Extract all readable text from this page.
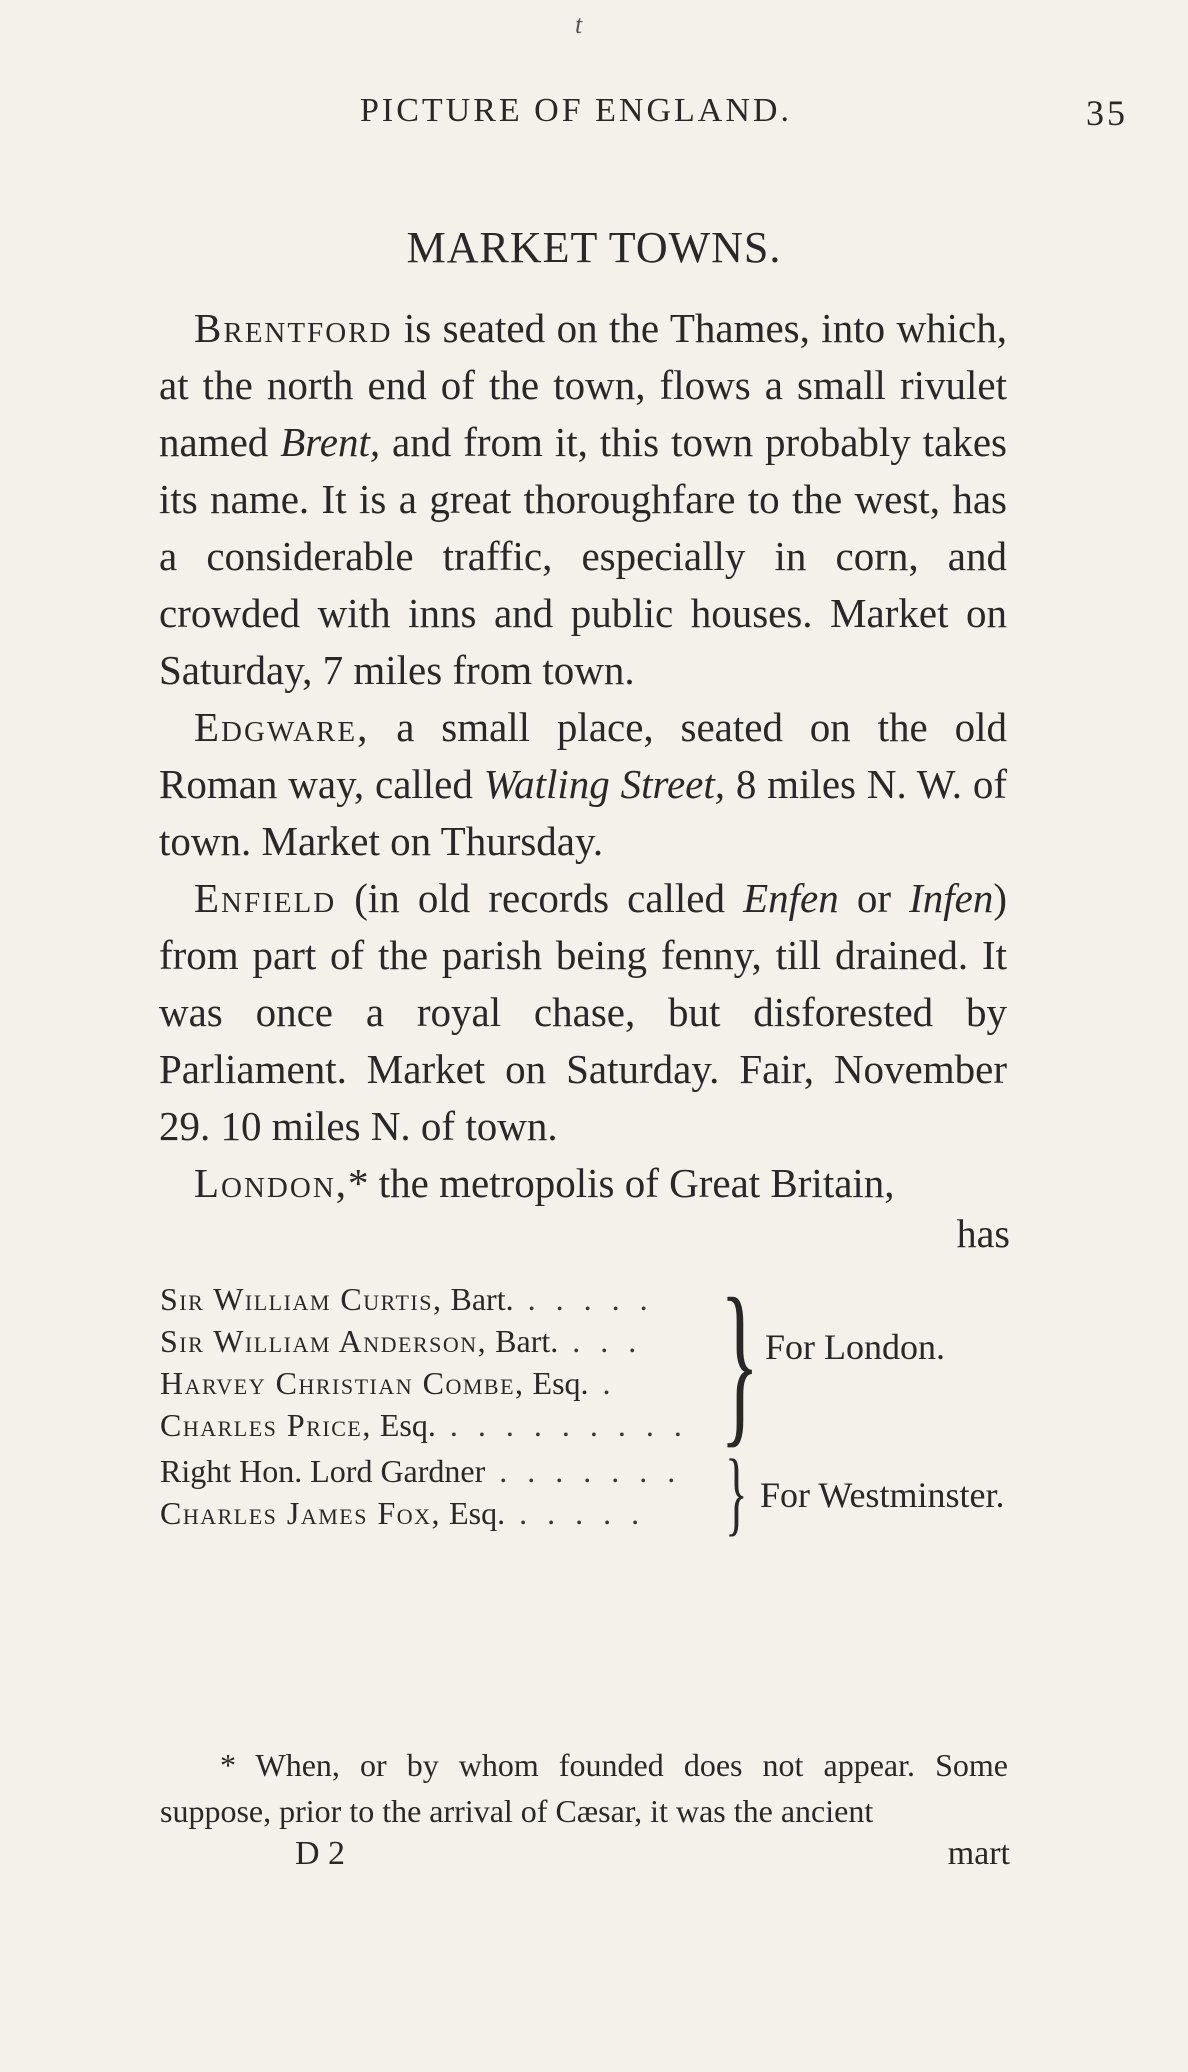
t
PICTURE OF ENGLAND.	35
MARKET TOWNS.

Brentford is seated on the Thames, into which, at the north end of the town, flows a small rivulet named Brent, and from it, this town probably takes its name. It is a great thoroughfare to the west, has a considerable traffic, especially in corn, and crowded with inns and public houses. Market on Saturday, 7 miles from town.

Edgware, a small place, seated on the old Roman way, called Watling Street, 8 miles N. W. of town. Market on Thursday.

Enfield (in old records called Enfen or Infen) from part of the parish being fenny, till drained. It was once a royal chase, but disforested by Parliament. Market on Saturday. Fair, November 29. 10 miles N. of town.

London,* the metropolis of Great Britain,

has
Sir William Curtis, Bart. . . . . .
Sir William Anderson, Bart. . . .
Harvey Christian Combe, Esq. .
Charles Price, Esq. . . . . . . . . . } For London.
Right Hon. Lord Gardner . . . . . . .
Charles James Fox, Esq. . . . . . } For Westminster.

* When, or by whom founded does not appear. Some suppose, prior to the arrival of Cæsar, it was the ancient

D 2	mart
